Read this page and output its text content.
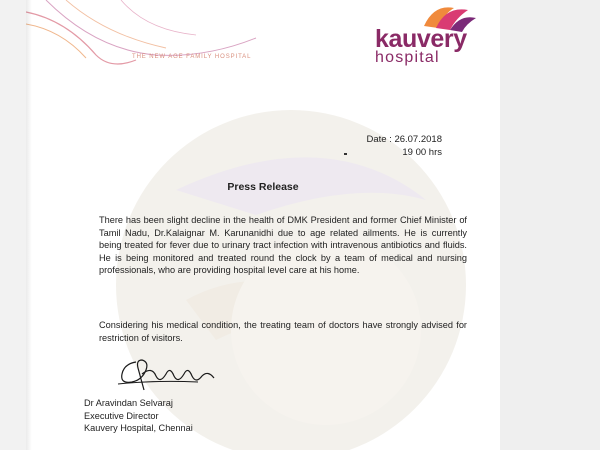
THE NEW AGE FAMILY HOSPITAL
kauvery
hospital
Date : 26.07.2018
19 00 hrs
Press Release
There has been slight decline in the health of DMK President and former Chief Minister of Tamil Nadu, Dr.Kalaignar M. Karunanidhi due to age related ailments. He is currently being treated for fever due to urinary tract infection with intravenous antibiotics and fluids. He is being monitored and treated round the clock by a team of medical and nursing professionals, who are providing hospital level care at his home.
Considering his medical condition, the treating team of doctors have strongly advised for restriction of visitors.
Dr Aravindan Selvaraj
Executive Director
Kauvery Hospital, Chennai
